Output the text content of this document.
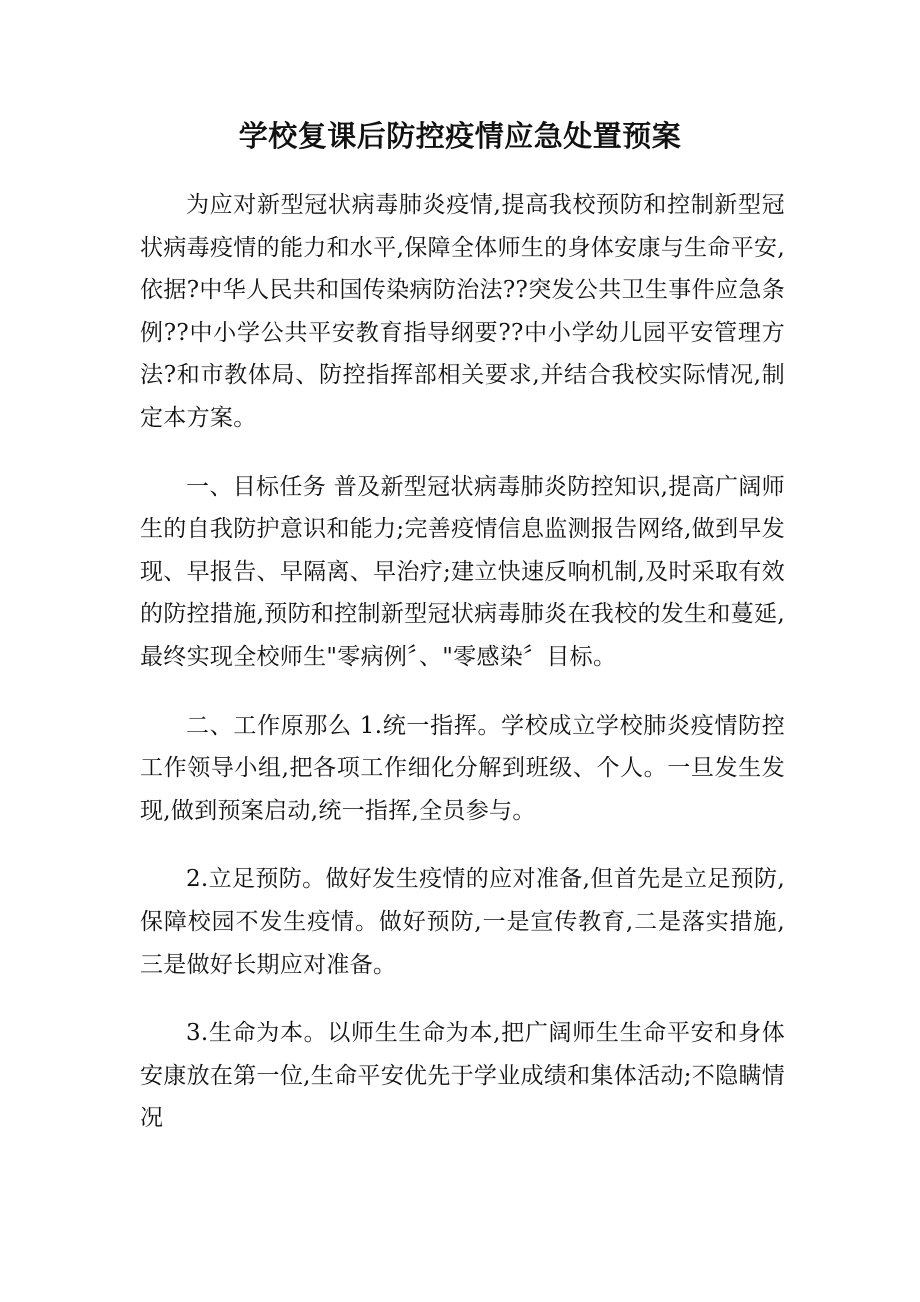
学校复课后防控疫情应急处置预案

为应对新型冠状病毒肺炎疫情,提高我校预防和控制新型冠状病毒疫情的能力和水平,保障全体师生的身体安康与生命平安,依据?中华人民共和国传染病防治法??突发公共卫生事件应急条例??中小学公共平安教育指导纲要??中小学幼儿园平安管理方法?和市教体局、防控指挥部相关要求,并结合我校实际情况,制定本方案。

一、目标任务 普及新型冠状病毒肺炎防控知识,提高广阔师生的自我防护意识和能力;完善疫情信息监测报告网络,做到早发现、早报告、早隔离、早治疗;建立快速反响机制,及时采取有效的防控措施,预防和控制新型冠状病毒肺炎在我校的发生和蔓延,最终实现全校师生"零病例〞、"零感染〞目标。

二、工作原那么 1.统一指挥。学校成立学校肺炎疫情防控工作领导小组,把各项工作细化分解到班级、个人。一旦发生发现,做到预案启动,统一指挥,全员参与。

2.立足预防。做好发生疫情的应对准备,但首先是立足预防,保障校园不发生疫情。做好预防,一是宣传教育,二是落实措施,三是做好长期应对准备。

3.生命为本。以师生生命为本,把广阔师生生命平安和身体安康放在第一位,生命平安优先于学业成绩和集体活动;不隐瞒情况
